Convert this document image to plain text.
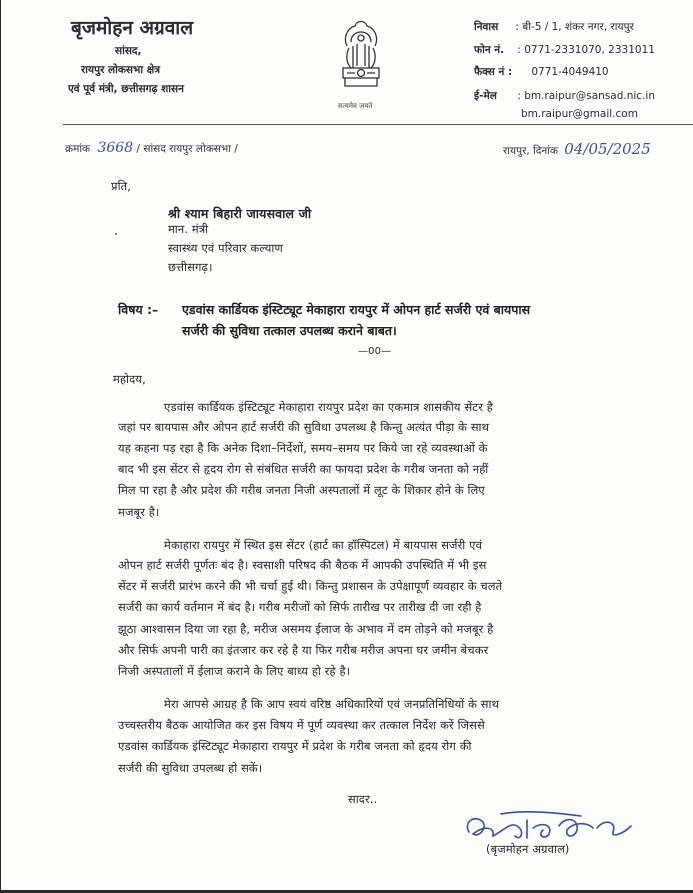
बृजमोहन अग्रवाल
सांसद,
रायपुर लोकसभा क्षेत्र
एवं पूर्व मंत्री, छत्तीसगढ़ शासन
सत्यमेव जयते
निवास : बी-5 / 1, शंकर नगर, रायपुर
फोन नं. : 0771-2331070, 2331011
फैक्स नं : 0771-4049410
ई-मेल : bm.raipur@sansad.nic.in
bm.raipur@gmail.com
क्रमांक 3668 / सांसद रायपुर लोकसभा /	रायपुर, दिनांक 04/05/2025
प्रति,
श्री श्याम बिहारी जायसवाल जी
मान. मंत्री
स्वास्थ्य एवं परिवार कल्याण
छत्तीसगढ़।
विषय :– एडवांस कार्डियक इंस्टिट्यूट मेकाहारा रायपुर में ओपन हार्ट सर्जरी एवं बायपास
सर्जरी की सुविधा तत्काल उपलब्ध कराने बाबत।
—00—
महोदय,
एडवांस कार्डियक इंस्टिट्यूट मेकाहारा रायपुर प्रदेश का एकमात्र शासकीय सेंटर है
जहां पर बायपास और ओपन हार्ट सर्जरी की सुविधा उपलब्ध है किन्तु अत्यंत पीड़ा के साथ
यह कहना पड़ रहा है कि अनेक दिशा–निर्देशों, समय–समय पर किये जा रहे व्यवस्थाओं के
बाद भी इस सेंटर से हृदय रोग से संबंधित सर्जरी का फायदा प्रदेश के गरीब जनता को नहीं
मिल पा रहा है और प्रदेश की गरीब जनता निजी अस्पतालों में लूट के शिकार होने के लिए
मजबूर है।
मेकाहारा रायपुर में स्थित इस सेंटर (हार्ट का हॉस्पिटल) में बायपास सर्जरी एवं
ओपन हार्ट सर्जरी पूर्णतः बंद है। स्वसाशी परिषद की बैठक में आपकी उपस्थिति में भी इस
सेंटर में सर्जरी प्रारंभ करने की भी चर्चा हुई थी। किन्तु प्रशासन के उपेक्षापूर्ण व्यवहार के चलते
सर्जरी का कार्य वर्तमान में बंद है। गरीब मरीजों को सिर्फ तारीख पर तारीख दी जा रही है
झूठा आश्वासन दिया जा रहा है, मरीज असमय ईलाज के अभाव में दम तोड़ने को मजबूर है
और सिर्फ अपनी पारी का इंतजार कर रहे है या फिर गरीब मरीज अपना घर जमीन बेचकर
निजी अस्पतालों में ईलाज कराने के लिए बाध्य हो रहे है।
मेरा आपसे आग्रह है कि आप स्वयं वरिष्ठ अधिकारियों एवं जनप्रतिनिधियों के साथ
उच्चस्तरीय बैठक आयोजित कर इस विषय में पूर्ण व्यवस्था कर तत्काल निर्देश करें जिससे
एडवांस कार्डियक इंस्टिट्यूट मेकाहारा रायपुर में प्रदेश के गरीब जनता को हृदय रोग की
सर्जरी की सुविधा उपलब्ध हो सकें।
सादर..
(बृजमोहन अग्रवाल)
